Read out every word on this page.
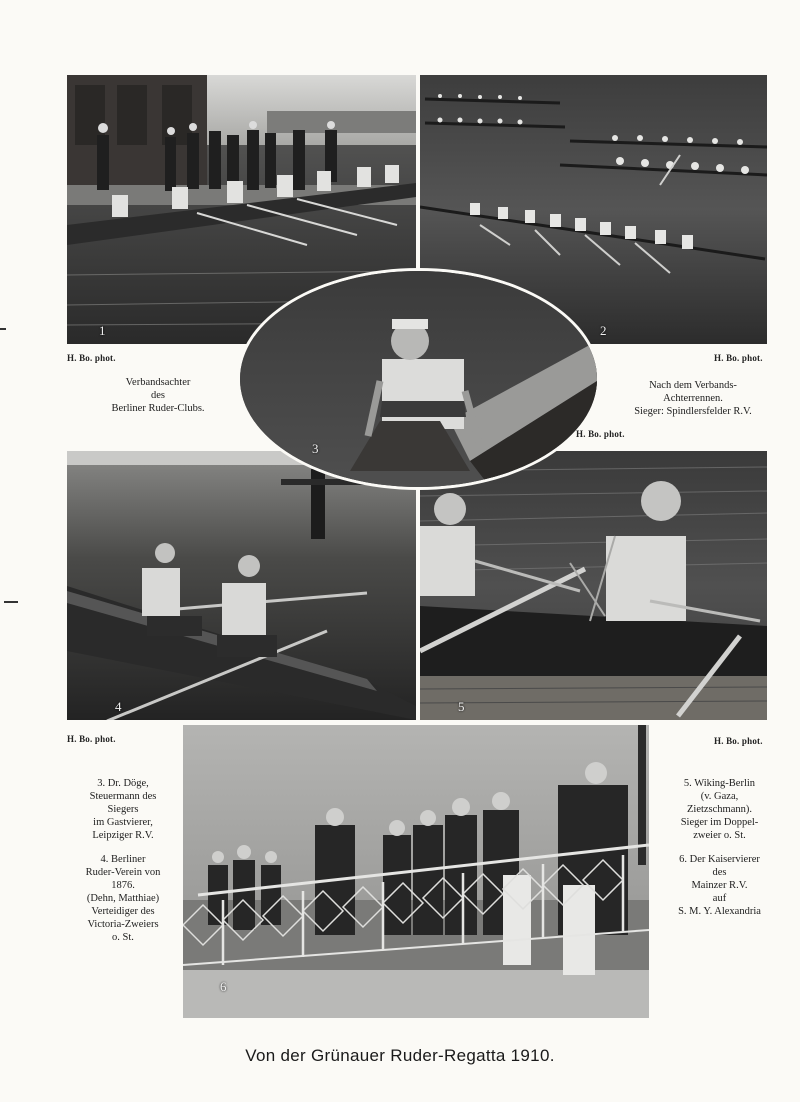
1	2
4	5
3
6
H. Bo. phot.	H. Bo. phot.
H. Bo. phot.
H. Bo. phot.	H. Bo. phot.
Verbandsachter
des
Berliner Ruder-Clubs.
Nach dem Verbands-
Achterrennen.
Sieger: Spindlersfelder R.V.
3. Dr. Döge,
Steuermann des
Siegers
im Gastvierer,
Leipziger R.V.
4. Berliner
Ruder-Verein von
1876.
(Dehn, Matthiae)
Verteidiger des
Victoria-Zweiers
o. St.
5. Wiking-Berlin
(v. Gaza,
Zietzschmann).
Sieger im Doppel-
zweier o. St.
6. Der Kaiservierer
des
Mainzer R.V.
auf
S. M. Y. Alexandria
Von der Grünauer Ruder-Regatta 1910.
